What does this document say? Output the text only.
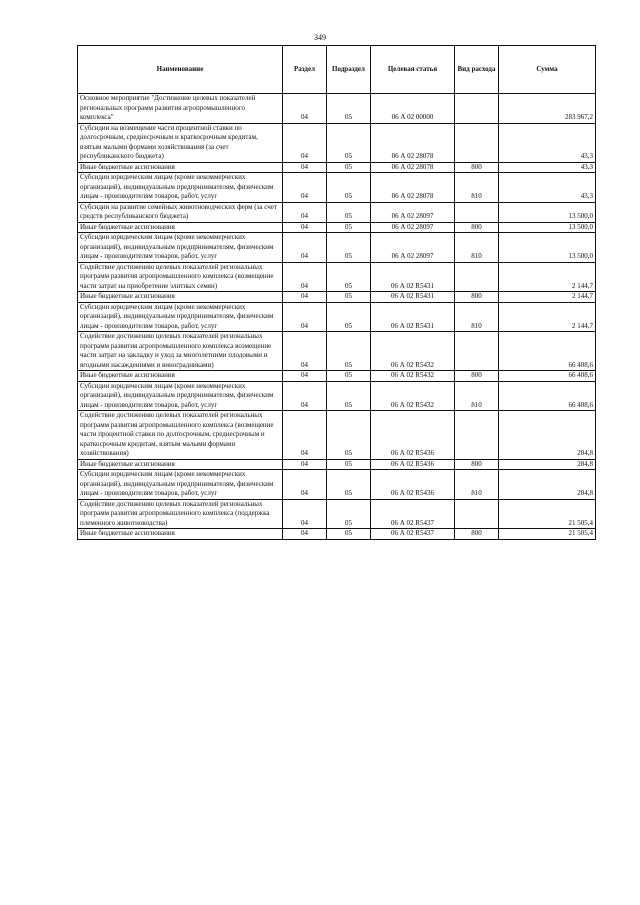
349
Наименование	Раздел	Подраздел	Целевая статья	Вид расхода	Сумма
Основное мероприятие "Достижение целевых показателей региональных программ развития агропромышленного комплекса"	04	05	06 А 02 00000		283 967,2
Субсидии на возмещение части процентной ставки по долгосрочным, среднесрочным и краткосрочным кредитам, взятым малыми формами хозяйствования (за счет республиканского бюджета)	04	05	06 А 02 28078		43,3
Иные бюджетные ассигнования	04	05	06 А 02 28078	800	43,3
Субсидии юридическим лицам (кроме некоммерческих организаций), индивидуальным предпринимателям, физическим лицам - производителям товаров, работ, услуг	04	05	06 А 02 28078	810	43,3
Субсидии на развитие семейных животноводческих ферм (за счет средств республиканского бюджета)	04	05	06 А 02 28097		13 500,0
Иные бюджетные ассигнования	04	05	06 А 02 28097	800	13 500,0
Субсидии юридическим лицам (кроме некоммерческих организаций), индивидуальным предпринимателям, физическим лицам - производителям товаров, работ, услуг	04	05	06 А 02 28097	810	13 500,0
Содействие достижению целевых показателей региональных программ развития агропромышленного комплекса (возмещение части затрат на приобретение элитных семян)	04	05	06 А 02 R5431		2 144,7
Иные бюджетные ассигнования	04	05	06 А 02 R5431	800	2 144,7
Субсидии юридическим лицам (кроме некоммерческих организаций), индивидуальным предпринимателям, физическим лицам - производителям товаров, работ, услуг	04	05	06 А 02 R5431	810	2 144,7
Содействие достижению целевых показателей региональных программ развития агропромышленного комплекса возмещение части затрат на закладку и уход за многолетними плодовыми и ягодными насаждениями и виноградниками)	04	05	06 А 02 R5432		66 408,6
Иные бюджетные ассигнования	04	05	06 А 02 R5432	800	66 408,6
Субсидии юридическим лицам (кроме некоммерческих организаций), индивидуальным предпринимателям, физическим лицам - производителям товаров, работ, услуг	04	05	06 А 02 R5432	810	66 408,6
Содействие достижению целевых показателей региональных программ развития агропромышленного комплекса (возмещение части процентной ставки по долгосрочным, среднесрочным и краткосрочным кредитам, взятым малыми формами хозяйствования)	04	05	06 А 02 R5436		284,8
Иные бюджетные ассигнования	04	05	06 А 02 R5436	800	284,8
Субсидии юридическим лицам (кроме некоммерческих организаций), индивидуальным предпринимателям, физическим лицам - производителям товаров, работ, услуг	04	05	06 А 02 R5436	810	284,8
Содействие достижению целевых показателей региональных программ развития агропромышленного комплекса (поддержка племенного животноводства)	04	05	06 А 02 R5437		21 505,4
Иные бюджетные ассигнования	04	05	06 А 02 R5437	800	21 505,4
